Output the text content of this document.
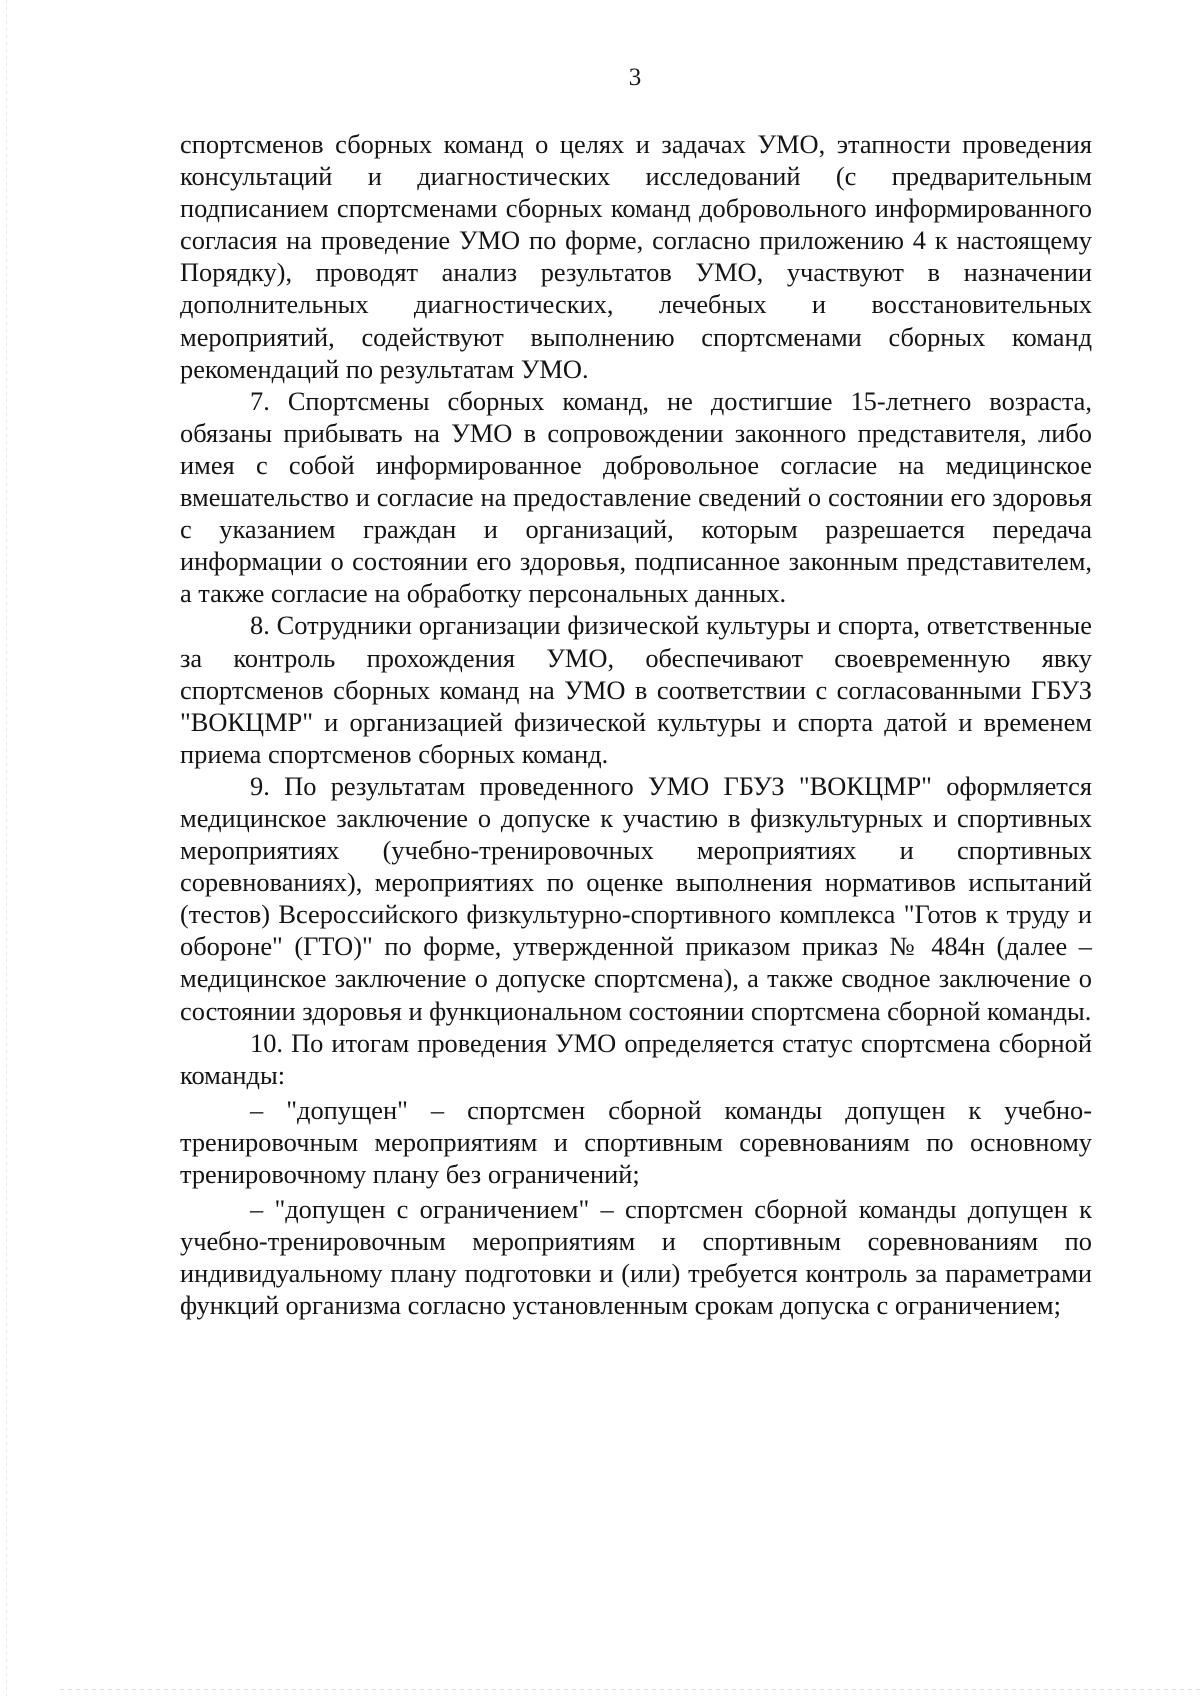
3

спортсменов сборных команд о целях и задачах УМО, этапности проведения консультаций и диагностических исследований (с предварительным подписанием спортсменами сборных команд добровольного информированного согласия на проведение УМО по форме, согласно приложению 4 к настоящему Порядку), проводят анализ результатов УМО, участвуют в назначении дополнительных диагностических, лечебных и восстановительных мероприятий, содействуют выполнению спортсменами сборных команд рекомендаций по результатам УМО.

7. Спортсмены сборных команд, не достигшие 15-летнего возраста, обязаны прибывать на УМО в сопровождении законного представителя, либо имея с собой информированное добровольное согласие на медицинское вмешательство и согласие на предоставление сведений о состоянии его здоровья с указанием граждан и организаций, которым разрешается передача информации о состоянии его здоровья, подписанное законным представителем, а также согласие на обработку персональных данных.

8. Сотрудники организации физической культуры и спорта, ответственные за контроль прохождения УМО, обеспечивают своевременную явку спортсменов сборных команд на УМО в соответствии с согласованными ГБУЗ "ВОКЦМР" и организацией физической культуры и спорта датой и временем приема спортсменов сборных команд.

9. По результатам проведенного УМО ГБУЗ "ВОКЦМР" оформляется медицинское заключение о допуске к участию в физкультурных и спортивных мероприятиях (учебно-тренировочных мероприятиях и спортивных соревнованиях), мероприятиях по оценке выполнения нормативов испытаний (тестов) Всероссийского физкультурно-спортивного комплекса "Готов к труду и обороне" (ГТО)" по форме, утвержденной приказом приказ № 484н (далее – медицинское заключение о допуске спортсмена), а также сводное заключение о состоянии здоровья и функциональном состоянии спортсмена сборной команды.

10. По итогам проведения УМО определяется статус спортсмена сборной команды:

– "допущен" – спортсмен сборной команды допущен к учебно-тренировочным мероприятиям и спортивным соревнованиям по основному тренировочному плану без ограничений;

– "допущен с ограничением" – спортсмен сборной команды допущен к учебно-тренировочным мероприятиям и спортивным соревнованиям по индивидуальному плану подготовки и (или) требуется контроль за параметрами функций организма согласно установленным срокам допуска с ограничением;
